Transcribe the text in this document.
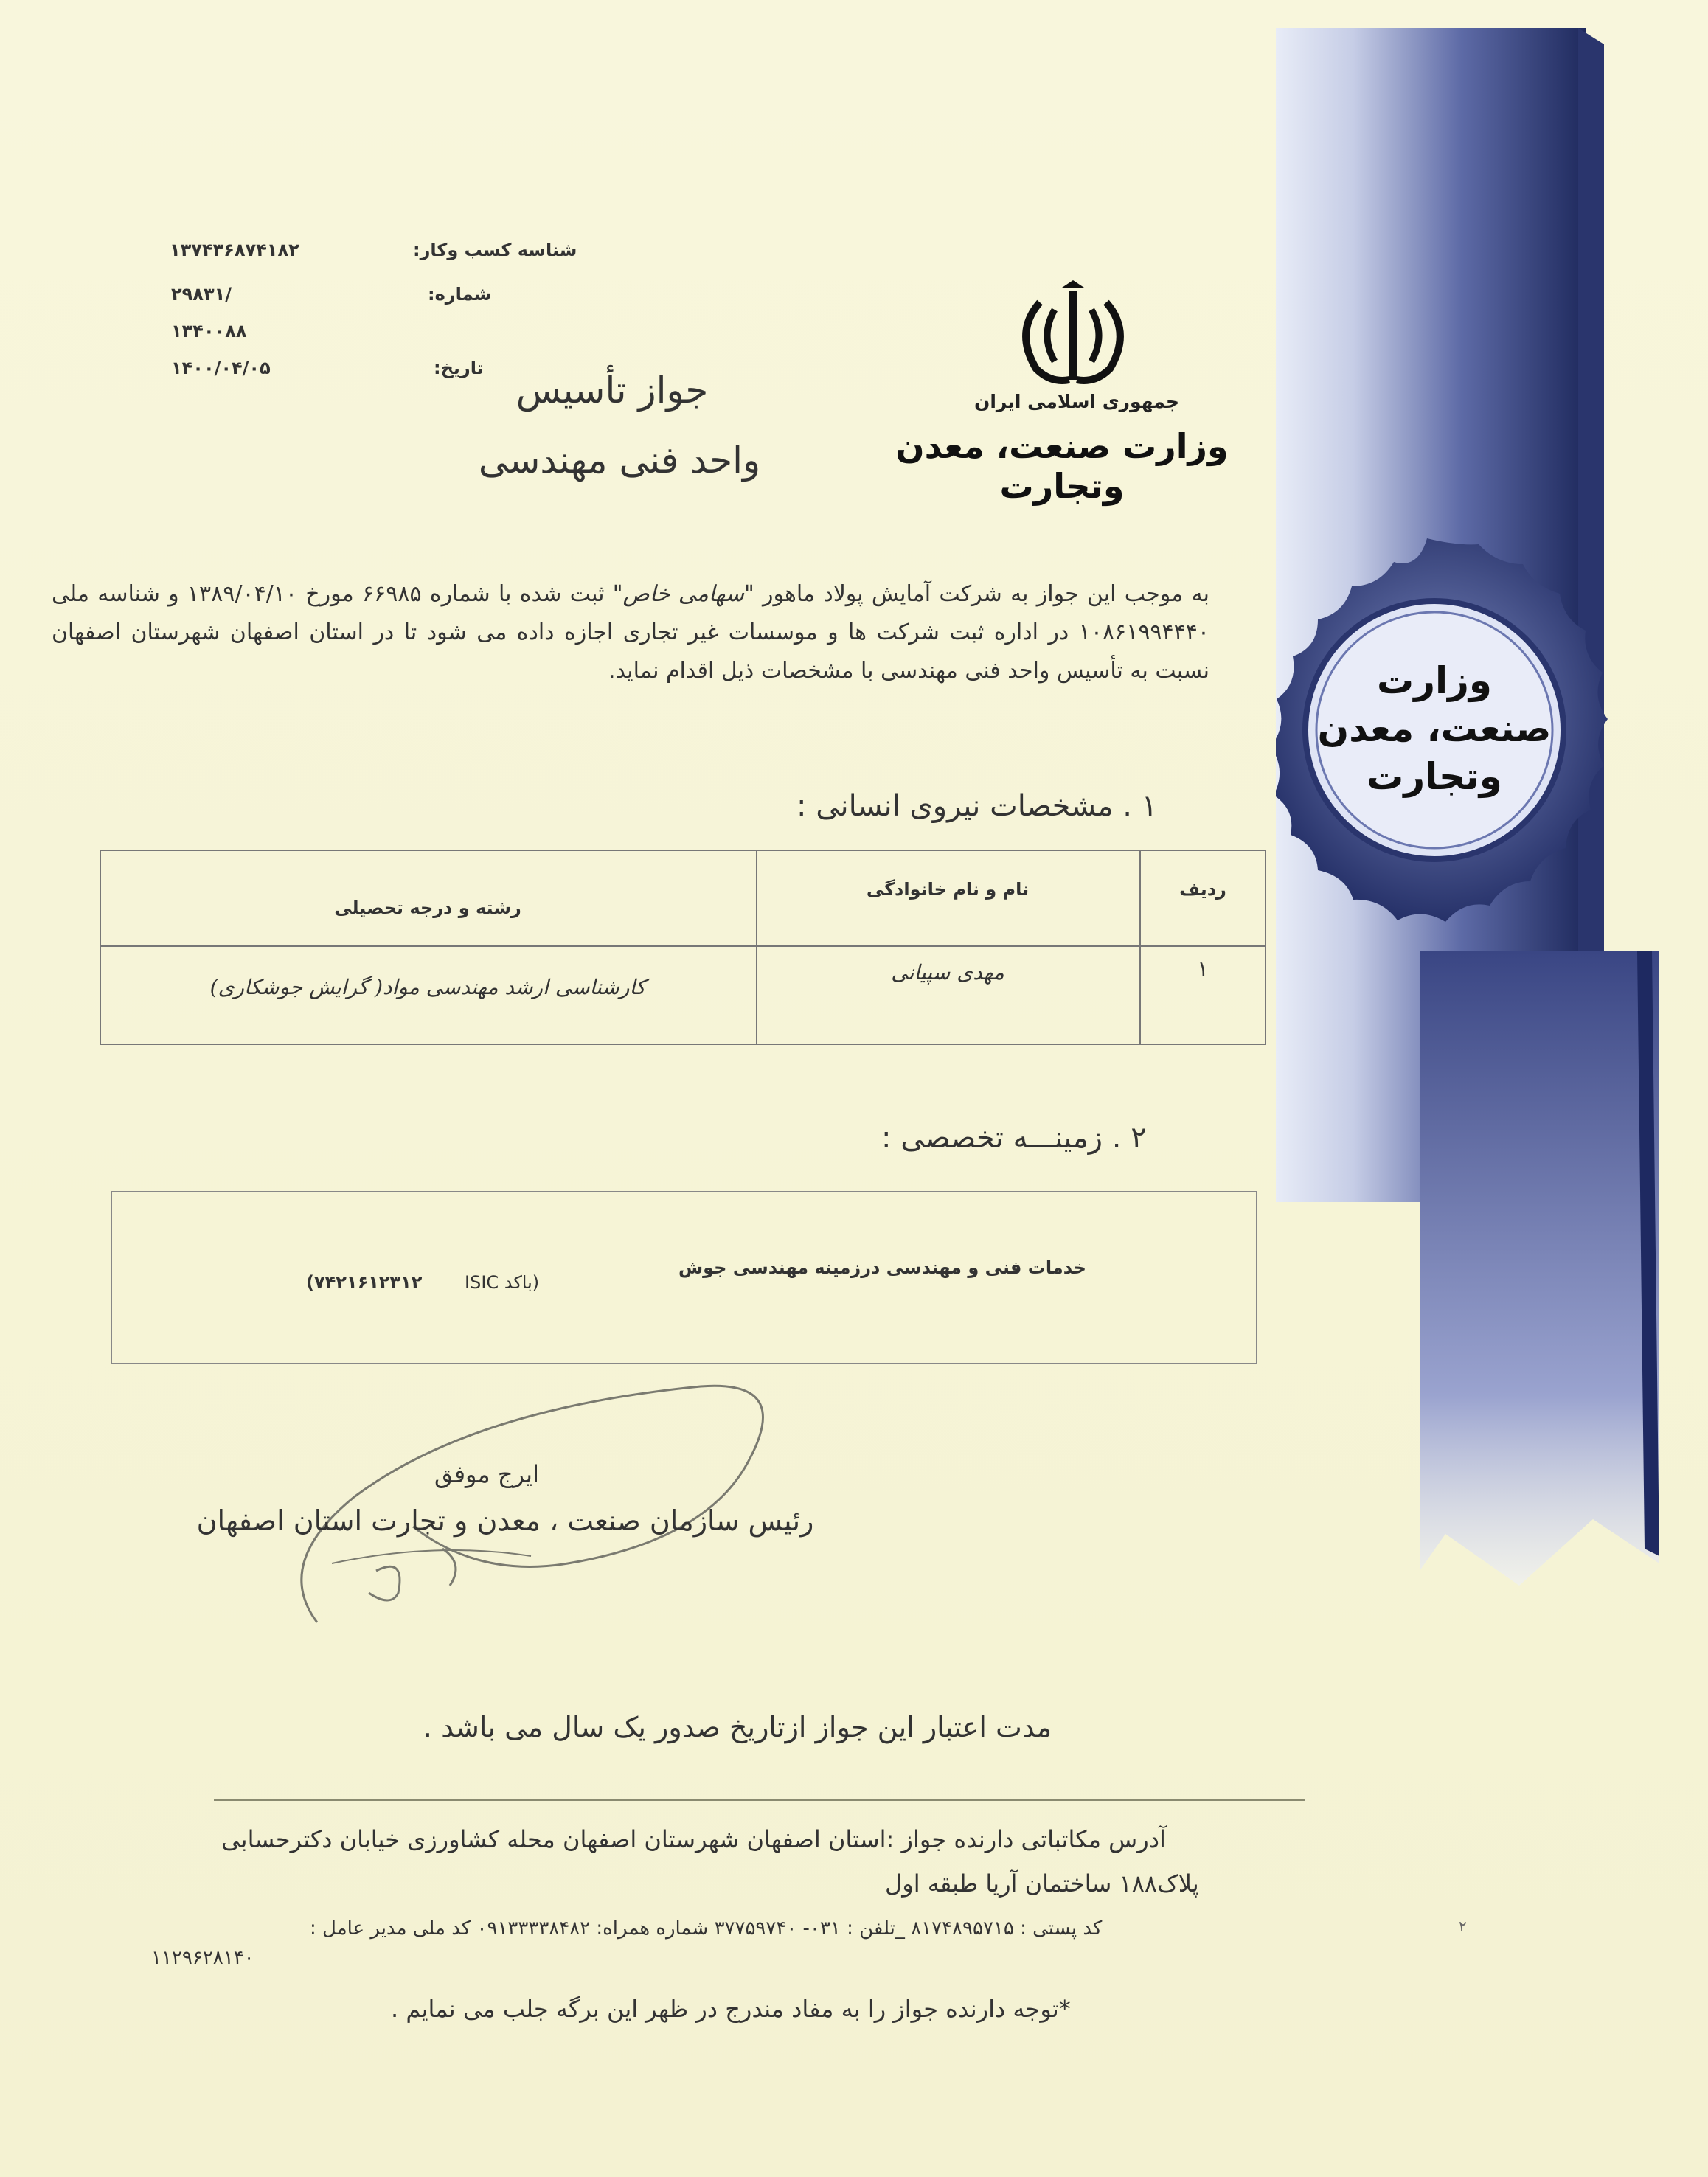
وزارت
صنعت، معدن
وتجارت
شناسه کسب وکار:
۱۳۷۴۳۶۸۷۴۱۸۲
شماره:
۲۹۸۳۱/
۱۳۴۰۰۸۸
تاریخ:
۱۴۰۰/۰۴/۰۵
جمهوری اسلامی ایران
وزارت صنعت، معدن وتجارت
جواز تأسیس
واحد فنی مهندسی
به موجب این جواز به شرکت آمایش پولاد ماهور "سهامی خاص" ثبت شده با شماره ۶۶۹۸۵ مورخ ۱۳۸۹/۰۴/۱۰ و شناسه ملی ۱۰۸۶۱۹۹۴۴۴۰ در اداره ثبت شرکت ها و موسسات غیر تجاری اجازه داده می شود تا در استان اصفهان شهرستان اصفهان نسبت به تأسیس واحد فنی مهندسی با مشخصات ذیل اقدام نماید.
۱ . مشخصات نیروی انسانی :
ردیف
نام و نام خانوادگی
رشته و درجه تحصیلی
۱
مهدی سپیانی
کارشناسی ارشد مهندسی مواد( گرایش جوشکاری)
۲ . زمینـــه تخصصی :
خدمات فنی و مهندسی درزمینه مهندسی جوش
(باکد ISIC
۷۴۲۱۶۱۲۳۱۲)
ایرج موفق
رئیس سازمان صنعت ، معدن و تجارت استان اصفهان
مدت اعتبار این جواز ازتاریخ صدور یک سال می باشد .
آدرس مکاتباتی دارنده جواز :استان اصفهان شهرستان اصفهان محله کشاورزی خیابان دکترحسابی
پلاک۱۸۸ ساختمان آریا طبقه اول
کد پستی : ۸۱۷۴۸۹۵۷۱۵ _تلفن : ۰۳۱- ۳۷۷۵۹۷۴۰ شماره همراه: ۰۹۱۳۳۳۳۸۴۸۲ کد ملی مدیر عامل :
۱۱۲۹۶۲۸۱۴۰
*توجه دارنده جواز را به مفاد مندرج در ظهر این برگه جلب می نمایم .
۲
